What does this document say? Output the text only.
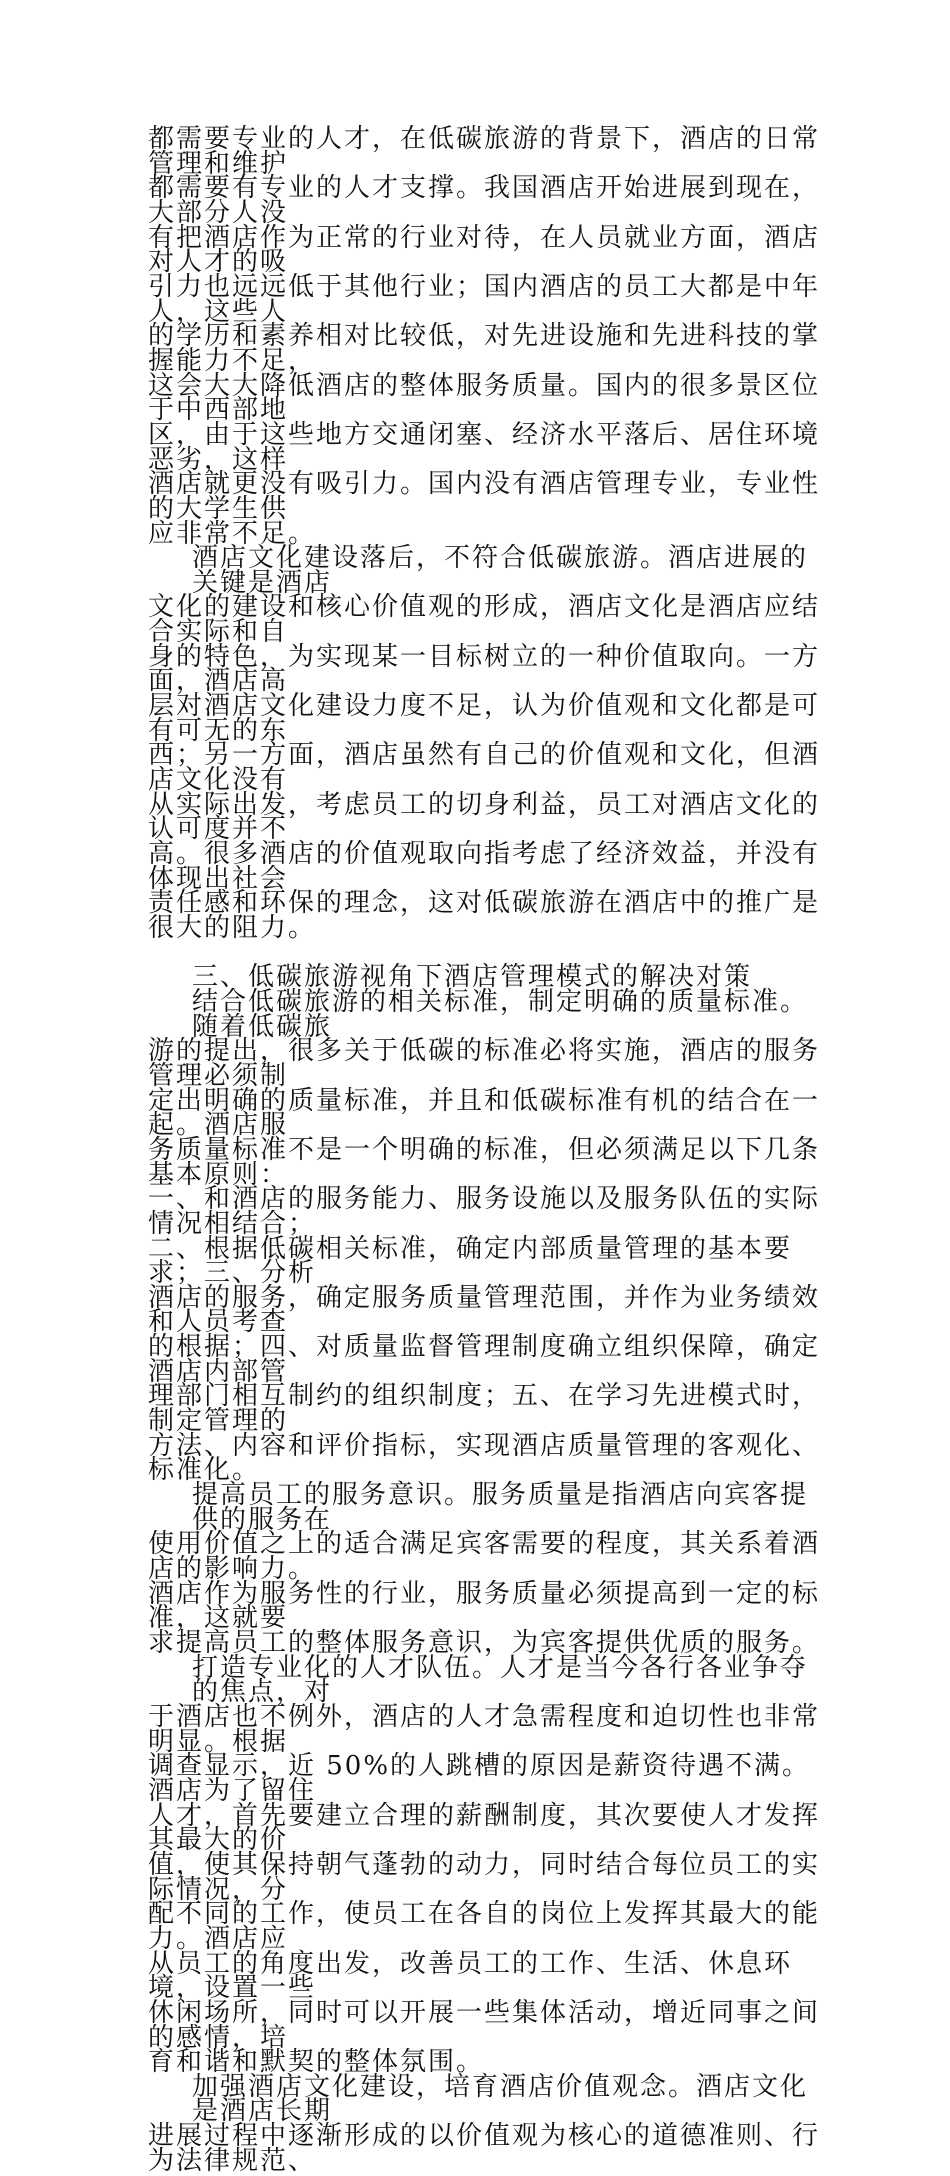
都需要专业的人才，在低碳旅游的背景下，酒店的日常管理和维护
都需要有专业的人才支撑。我国酒店开始进展到现在，大部分人没
有把酒店作为正常的行业对待，在人员就业方面，酒店对人才的吸
引力也远远低于其他行业；国内酒店的员工大都是中年人，这些人
的学历和素养相对比较低，对先进设施和先进科技的掌握能力不足，
这会大大降低酒店的整体服务质量。国内的很多景区位于中西部地
区，由于这些地方交通闭塞、经济水平落后、居住环境恶劣，这样
酒店就更没有吸引力。国内没有酒店管理专业，专业性的大学生供
应非常不足。
酒店文化建设落后，不符合低碳旅游。酒店进展的关键是酒店
文化的建设和核心价值观的形成，酒店文化是酒店应结合实际和自
身的特色，为实现某一目标树立的一种价值取向。一方面，酒店高
层对酒店文化建设力度不足，认为价值观和文化都是可有可无的东
西；另一方面，酒店虽然有自己的价值观和文化，但酒店文化没有
从实际出发，考虑员工的切身利益，员工对酒店文化的认可度并不
高。很多酒店的价值观取向指考虑了经济效益，并没有体现出社会
责任感和环保的理念，这对低碳旅游在酒店中的推广是很大的阻力。
三、低碳旅游视角下酒店管理模式的解决对策
结合低碳旅游的相关标准，制定明确的质量标准。随着低碳旅
游的提出，很多关于低碳的标准必将实施，酒店的服务管理必须制
定出明确的质量标准，并且和低碳标准有机的结合在一起。酒店服
务质量标准不是一个明确的标准，但必须满足以下几条基本原则：
一、和酒店的服务能力、服务设施以及服务队伍的实际情况相结合；
二、根据低碳相关标准，确定内部质量管理的基本要求；三、分析
酒店的服务，确定服务质量管理范围，并作为业务绩效和人员考查
的根据；四、对质量监督管理制度确立组织保障，确定酒店内部管
理部门相互制约的组织制度；五、在学习先进模式时，制定管理的
方法、内容和评价指标，实现酒店质量管理的客观化、标准化。
提高员工的服务意识。服务质量是指酒店向宾客提供的服务在
使用价值之上的适合满足宾客需要的程度，其关系着酒店的影响力。
酒店作为服务性的行业，服务质量必须提高到一定的标准，这就要
求提高员工的整体服务意识，为宾客提供优质的服务。
打造专业化的人才队伍。人才是当今各行各业争夺的焦点，对
于酒店也不例外，酒店的人才急需程度和迫切性也非常明显。根据
调查显示，近 50%的人跳槽的原因是薪资待遇不满。酒店为了留住
人才，首先要建立合理的薪酬制度，其次要使人才发挥其最大的价
值，使其保持朝气蓬勃的动力，同时结合每位员工的实际情况，分
配不同的工作，使员工在各自的岗位上发挥其最大的能力。酒店应
从员工的角度出发，改善员工的工作、生活、休息环境，设置一些
休闲场所，同时可以开展一些集体活动，增近同事之间的感情，培
育和谐和默契的整体氛围。
加强酒店文化建设，培育酒店价值观念。酒店文化是酒店长期
进展过程中逐渐形成的以价值观为核心的道德准则、行为法律规范、
